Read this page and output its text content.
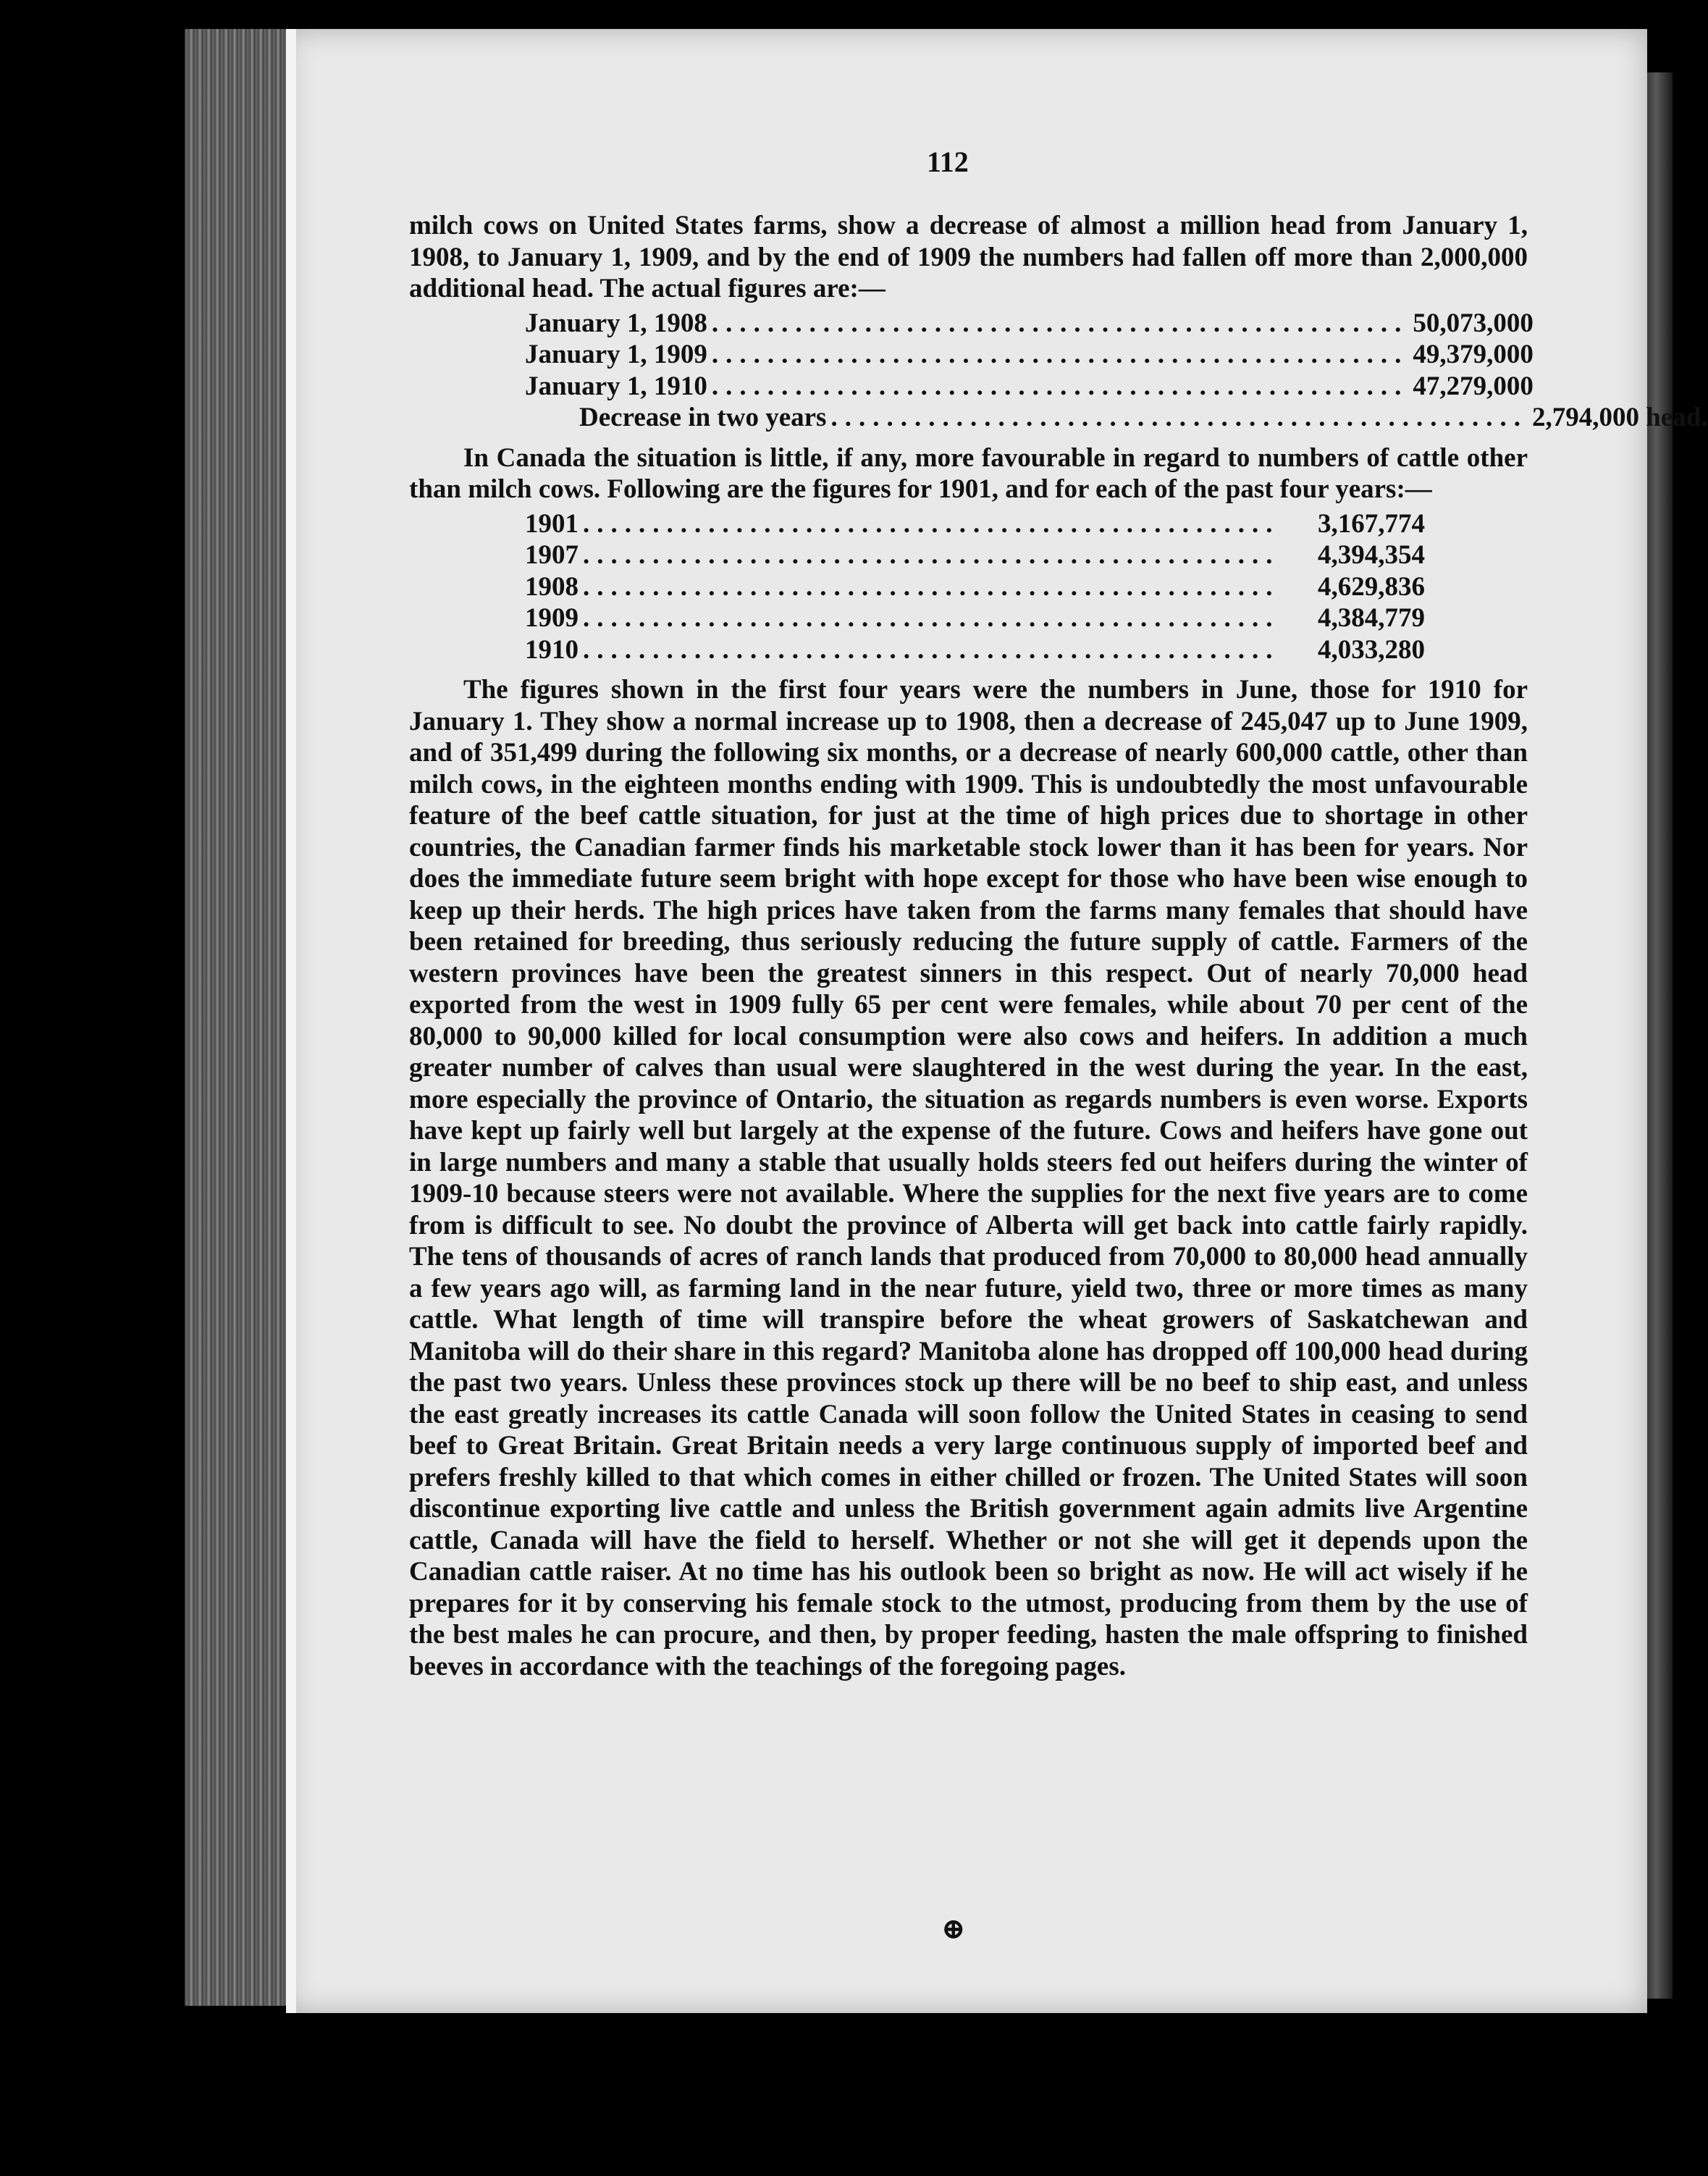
112

milch cows on United States farms, show a decrease of almost a million head from January 1, 1908, to January 1, 1909, and by the end of 1909 the numbers had fallen off more than 2,000,000 additional head. The actual figures are:—

January 1, 1908 .................................................. 50,073,000
January 1, 1909 .................................................. 49,379,000
January 1, 1910 .................................................. 47,279,000
Decrease in two years .................................................. 2,794,000 head.

In Canada the situation is little, if any, more favourable in regard to numbers of cattle other than milch cows. Following are the figures for 1901, and for each of the past four years:—

1901 ..................................................	3,167,774
1907 ..................................................	4,394,354
1908 ..................................................	4,629,836
1909 ..................................................	4,384,779
1910 ..................................................	4,033,280

The figures shown in the first four years were the numbers in June, those for 1910 for January 1. They show a normal increase up to 1908, then a decrease of 245,047 up to June 1909, and of 351,499 during the following six months, or a decrease of nearly 600,000 cattle, other than milch cows, in the eighteen months ending with 1909. This is undoubtedly the most unfavourable feature of the beef cattle situation, for just at the time of high prices due to shortage in other countries, the Canadian farmer finds his marketable stock lower than it has been for years. Nor does the immediate future seem bright with hope except for those who have been wise enough to keep up their herds. The high prices have taken from the farms many females that should have been retained for breeding, thus seriously reducing the future supply of cattle. Farmers of the western provinces have been the greatest sinners in this respect. Out of nearly 70,000 head exported from the west in 1909 fully 65 per cent were females, while about 70 per cent of the 80,000 to 90,000 killed for local consumption were also cows and heifers. In addition a much greater number of calves than usual were slaughtered in the west during the year. In the east, more especially the province of Ontario, the situation as regards numbers is even worse. Exports have kept up fairly well but largely at the expense of the future. Cows and heifers have gone out in large numbers and many a stable that usually holds steers fed out heifers during the winter of 1909-10 because steers were not available. Where the supplies for the next five years are to come from is difficult to see. No doubt the province of Alberta will get back into cattle fairly rapidly. The tens of thousands of acres of ranch lands that produced from 70,000 to 80,000 head annually a few years ago will, as farming land in the near future, yield two, three or more times as many cattle. What length of time will transpire before the wheat growers of Saskatchewan and Manitoba will do their share in this regard? Manitoba alone has dropped off 100,000 head during the past two years. Unless these provinces stock up there will be no beef to ship east, and unless the east greatly increases its cattle Canada will soon follow the United States in ceasing to send beef to Great Britain. Great Britain needs a very large continuous supply of imported beef and prefers freshly killed to that which comes in either chilled or frozen. The United States will soon discontinue exporting live cattle and unless the British government again admits live Argentine cattle, Canada will have the field to herself. Whether or not she will get it depends upon the Canadian cattle raiser. At no time has his outlook been so bright as now. He will act wisely if he prepares for it by conserving his female stock to the utmost, producing from them by the use of the best males he can procure, and then, by proper feeding, hasten the male offspring to finished beeves in accordance with the teachings of the foregoing pages.

⊕
